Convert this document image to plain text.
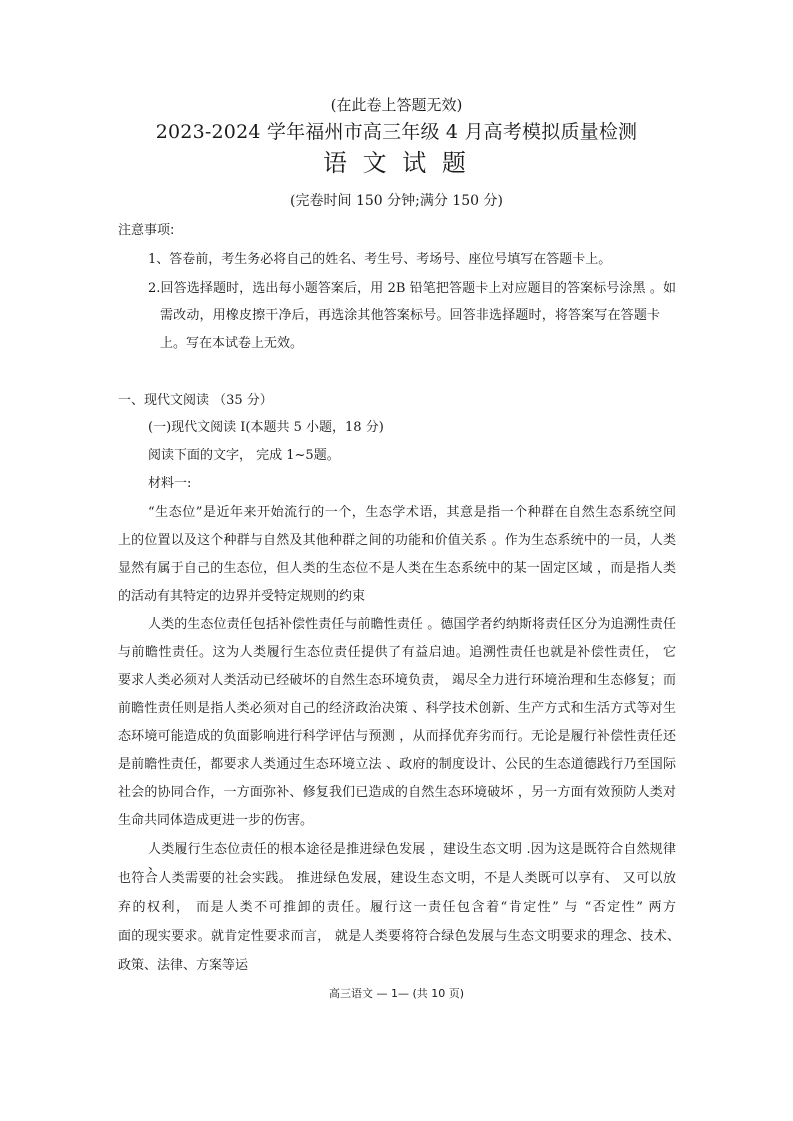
(在此卷上答题无效)
2023-2024 学年福州市高三年级 4 月高考模拟质量检测
语 文 试 题
(完卷时间 150 分钟;满分 150 分)
注意事项:
1、答卷前，考生务必将自己的姓名、考生号、考场号、座位号填写在答题卡上。
2.回答选择题时，选出每小题答案后，用 2B 铅笔把答题卡上对应题目的答案标号涂黑 。如
需改动，用橡皮擦干净后，再选涂其他答案标号。回答非选择题时，将答案写在答题卡
上。写在本试卷上无效。
一、现代文阅读 （35 分）
(一)现代文阅读 Ⅰ(本题共 5 小题，18 分)
阅读下面的文字， 完成 1~5题。
材料一:
“生态位”是近年来开始流行的一个，生态学术语，其意是指一个种群在自然生态系统空间
上的位置以及这个种群与自然及其他种群之间的功能和价值关系 。作为生态系统中的一员，人类
显然有属于自己的生态位，但人类的生态位不是人类在生态系统中的某一固定区域 ，而是指人类
的活动有其特定的边界并受特定规则的约束
人类的生态位责任包括补偿性责任与前瞻性责任 。德国学者约纳斯将责任区分为追溯性责任
与前瞻性责任。这为人类履行生态位责任提供了有益启迪。追溯性责任也就是补偿性责任， 它
要求人类必须对人类活动已经破坏的自然生态环境负责， 竭尽全力进行环境治理和生态修复；而
前瞻性责任则是指人类必须对自己的经济政治决策 、科学技术创新、生产方式和生活方式等对生
态环境可能造成的负面影响进行科学评估与预测 ，从而择优弃劣而行。无论是履行补偿性责任还
是前瞻性责任，都要求人类通过生态环境立法 、政府的制度设计、公民的生态道德践行乃至国际
社会的协同合作，一方面弥补、修复我们已造成的自然生态环境破坏 ，另一方面有效预防人类对
生命共同体造成更进一步的伤害。
人类履行生态位责任的根本途径是推进绿色发展 ，建设生态文明 .因为这是既符合自然规律 、
也符合人类需要的社会实践。 推进绿色发展，建设生态文明，不是人类既可以享有、 又可以放
弃的权利， 而是人类不可推卸的责任。履行这一责任包含着“肯定性” 与 “否定性” 两方
面的现实要求。就肯定性要求而言， 就是人类要将符合绿色发展与生态文明要求的理念、技术、
政策、法律、方案等运
高三语文 — 1— (共 10 页)
